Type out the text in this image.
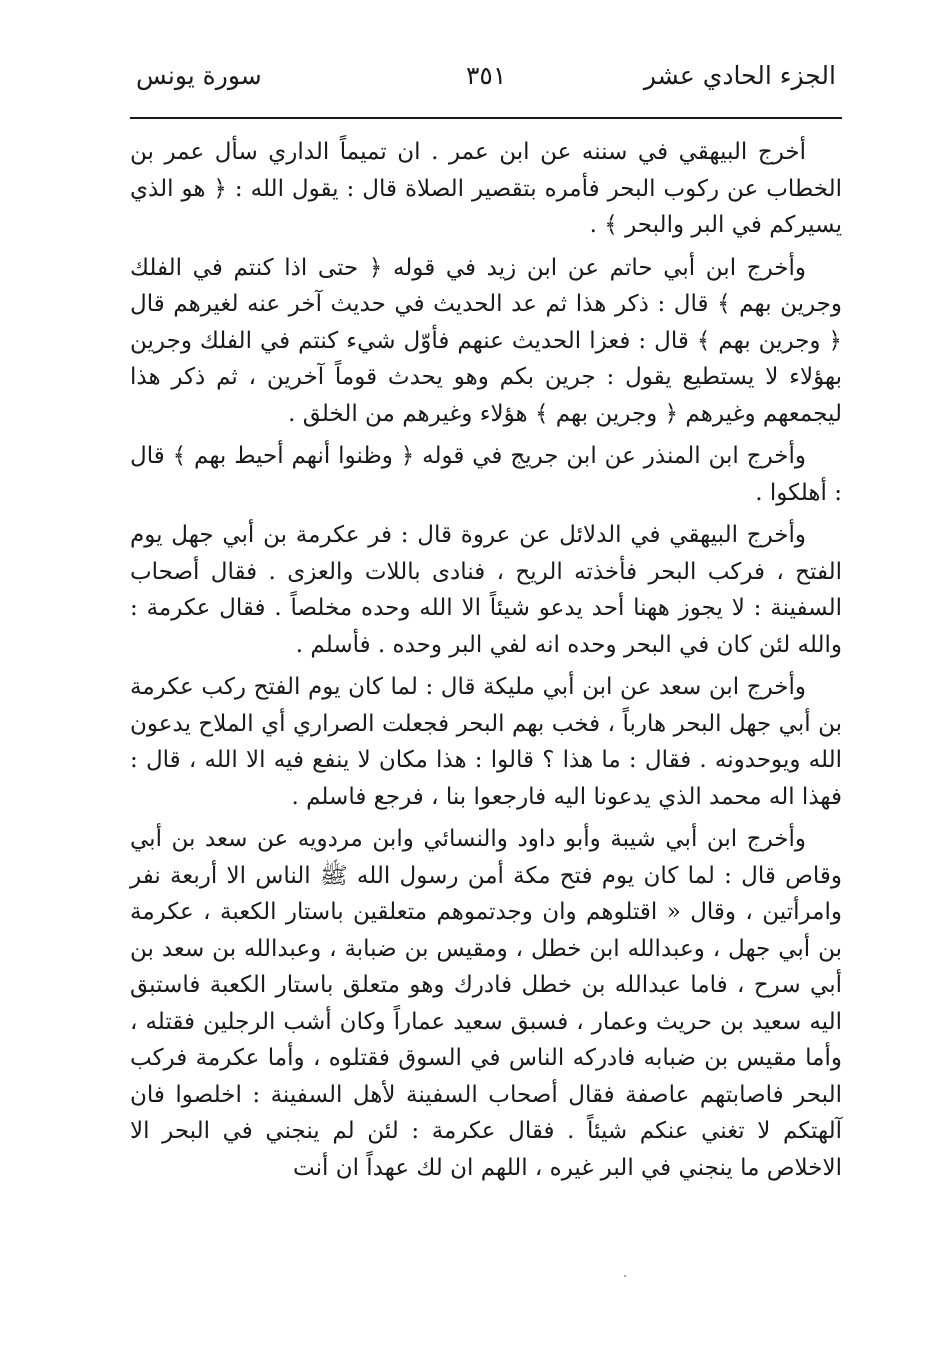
الجزء الحادي عشر
٣٥١
سورة يونس

أخرج البيهقي في سننه عن ابن عمر . ان تميماً الداري سأل عمر بن الخطاب عن ركوب البحر فأمره بتقصير الصلاة قال : يقول الله : ﴿ هو الذي يسيركم في البر والبحر ﴾ .

وأخرج ابن أبي حاتم عن ابن زيد في قوله ﴿ حتى اذا كنتم في الفلك وجرين بهم ﴾ قال : ذكر هذا ثم عد الحديث في حديث آخر عنه لغيرهم قال ﴿ وجرين بهم ﴾ قال : فعزا الحديث عنهم فأوّل شيء كنتم في الفلك وجرين بهؤلاء لا يستطيع يقول : جرين بكم وهو يحدث قوماً آخرين ، ثم ذكر هذا ليجمعهم وغيرهم ﴿ وجرين بهم ﴾ هؤلاء وغيرهم من الخلق .

وأخرج ابن المنذر عن ابن جريج في قوله ﴿ وظنوا أنهم أحيط بهم ﴾ قال : أهلكوا .

وأخرج البيهقي في الدلائل عن عروة قال : فر عكرمة بن أبي جهل يوم الفتح ، فركب البحر فأخذته الريح ، فنادى باللات والعزى . فقال أصحاب السفينة : لا يجوز ههنا أحد يدعو شيئاً الا الله وحده مخلصاً . فقال عكرمة : والله لئن كان في البحر وحده انه لفي البر وحده . فأسلم .

وأخرج ابن سعد عن ابن أبي مليكة قال : لما كان يوم الفتح ركب عكرمة بن أبي جهل البحر هارباً ، فخب بهم البحر فجعلت الصراري أي الملاح يدعون الله ويوحدونه . فقال : ما هذا ؟ قالوا : هذا مكان لا ينفع فيه الا الله ، قال : فهذا اله محمد الذي يدعونا اليه فارجعوا بنا ، فرجع فاسلم .

وأخرج ابن أبي شيبة وأبو داود والنسائي وابن مردويه عن سعد بن أبي وقاص قال : لما كان يوم فتح مكة أمن رسول الله ﷺ الناس الا أربعة نفر وامرأتين ، وقال « اقتلوهم وان وجدتموهم متعلقين باستار الكعبة ، عكرمة بن أبي جهل ، وعبدالله ابن خطل ، ومقيس بن ضبابة ، وعبدالله بن سعد بن أبي سرح ، فاما عبدالله بن خطل فادرك وهو متعلق باستار الكعبة فاستبق اليه سعيد بن حريث وعمار ، فسبق سعيد عماراً وكان أشب الرجلين فقتله ، وأما مقيس بن ضبابه فادركه الناس في السوق فقتلوه ، وأما عكرمة فركب البحر فاصابتهم عاصفة فقال أصحاب السفينة لأهل السفينة : اخلصوا فان آلهتكم لا تغني عنكم شيئاً . فقال عكرمة : لئن لم ينجني في البحر الا الاخلاص ما ينجني في البر غيره ، اللهم ان لك عهداً ان أنت
